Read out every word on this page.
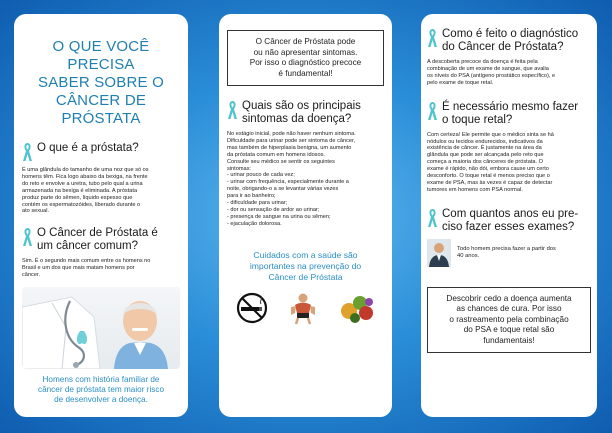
O QUE VOCÊ PRECISA
SABER SOBRE O
CÂNCER DE PRÓSTATA
O que é a próstata?
É uma glândula do tamanho de uma noz que só os
homens têm. Fica logo abaixo da bexiga, na frente
do reto e envolve a uretra, tubo pelo qual a urina
armazenada na bexiga é eliminada. A próstata
produz parte do sêmen, líquido espesso que
contém os espermatozóides, liberado durante o
ato sexual.
O Câncer de Próstata é
um câncer comum?
Sim. É o segundo mais comum entre os homens no
Brasil e um dos que mais matam homens por
câncer.
Homens com história familiar de
câncer de próstata tem maior risco
de desenvolver a doença.
O Câncer de Próstata pode
ou não apresentar sintomas.
Por isso o diagnóstico precoce
é fundamental!
Quais são os principais
sintomas da doença?
No estágio inicial, pode não haver nenhum sintoma.
Dificuldade para urinar pode ser sintoma de câncer,
mas também de hiperplasia benigna, um aumento
da próstata comum em homens idosos.
Consulte seu médico se sentir os seguintes
sintomas:
- urinar pouco de cada vez;
- urinar com frequência, especialmente durante a
noite, obrigando-o a se levantar várias vezes
para ir ao banheiro;
- dificuldade para urinar;
- dor ou sensação de ardor ao urinar;
- presença de sangue na urina ou sêmen;
- ejaculação dolorosa.
Cuidados com a saúde são
importantes na prevenção do
Câncer de Próstata
Como é feito o diagnóstico
do Câncer de Próstata?
A descoberta precoce da doença é feita pela
combinação de um exame de sangue, que avalia
os níveis do PSA (antígeno prostático específico), e
pelo exame de toque retal.
É necessário mesmo fazer
o toque retal?
Com certeza! Ele permite que o médico sinta se há
nódulos ou tecidos endurecidos, indicativos da
existência de câncer. É justamente na área da
glândula que pode ser alcançada pelo reto que
começa a maioria dos cânceres de próstata. O
exame é rápido, não dói, embora cause um certo
desconforto. O toque retal é menos preciso que o
exame de PSA, mas às vezes é capaz de detectar
tumores em homens com PSA normal.
Com quantos anos eu pre-
ciso fazer esses exames?
Todo homem precisa fazer a partir dos
40 anos.
Descobrir cedo a doença aumenta
as chances de cura. Por isso
o rastreamento pela combinação
do PSA e toque retal são
fundamentais!
